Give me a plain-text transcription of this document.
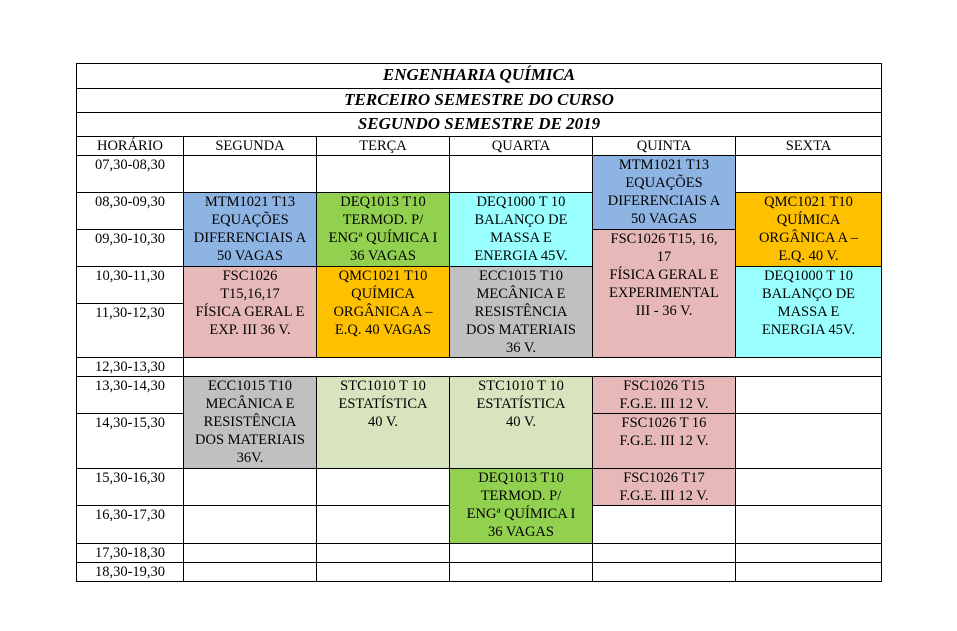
ENGENHARIA QUÍMICA					
TERCEIRO SEMESTRE DO CURSO					
SEGUNDO SEMESTRE DE 2019					
HORÁRIO	SEGUNDA	TERÇA	QUARTA	QUINTA	SEXTA
07,30-08,30				MTM1021 T13
EQUAÇÕES
DIFERENCIAIS A
50 VAGAS	

08,30-09,30	MTM1021 T13
EQUAÇÕES
DIFERENCIAIS A
50 VAGAS	DEQ1013 T10
TERMOD. P/
ENGª QUÍMICA I
36 VAGAS	DEQ1000 T 10
BALANÇO DE
MASSA E
ENERGIA 45V.		QMC1021 T10
QUÍMICA
ORGÂNICA A –
E.Q. 40 V.

09,30-10,30				FSC1026 T15, 16,
17
FÍSICA GERAL E
EXPERIMENTAL
III - 36 V.	

10,30-11,30	FSC1026
T15,16,17
FÍSICA GERAL E
EXP. III 36 V.	QMC1021 T10
QUÍMICA
ORGÂNICA A –
E.Q. 40 VAGAS	ECC1015 T10
MECÂNICA E
RESISTÊNCIA
DOS MATERIAIS
36 V.		DEQ1000 T 10
BALANÇO DE
MASSA E
ENERGIA 45V.

11,30-12,30					
12,30-13,30					
13,30-14,30	ECC1015 T10
MECÂNICA E
RESISTÊNCIA
DOS MATERIAIS
36V.	STC1010 T 10
ESTATÍSTICA
40 V.	STC1010 T 10
ESTATÍSTICA
40 V.	FSC1026 T15
F.G.E. III 12 V.	

14,30-15,30				FSC1026 T 16
F.G.E. III 12 V.	

15,30-16,30			DEQ1013 T10
TERMOD. P/
ENGª QUÍMICA I
36 VAGAS	FSC1026 T17
F.G.E. III 12 V.	

16,30-17,30					
17,30-18,30					
18,30-19,30					
